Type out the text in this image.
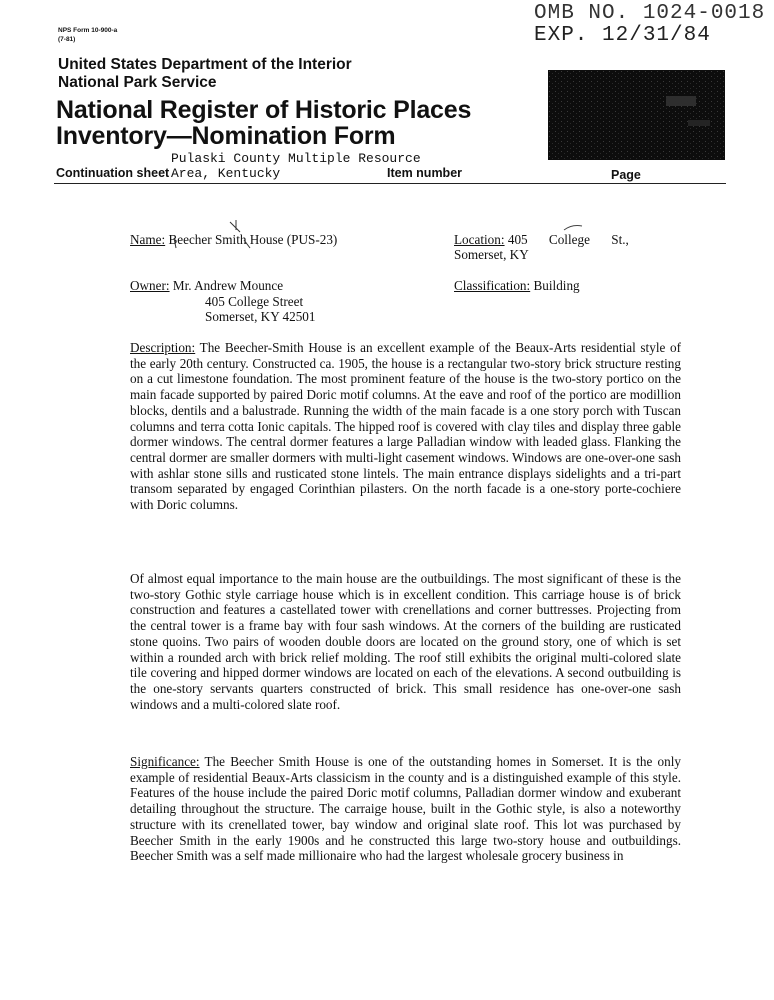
NPS Form 10-900-a
(7-81)
OMB NO. 1024-0018
EXP. 12/31/84
United States Department of the Interior
National Park Service
National Register of Historic Places
Inventory—Nomination Form
Pulaski County Multiple Resource
Continuation sheet Area, Kentucky	Item number	Page
Name: Beecher Smith House (PUS-23)	Location: 405 College St.,
Somerset, KY
Owner: Mr. Andrew Mounce
405 College Street
Somerset, KY 42501
Classification: Building
Description: The Beecher-Smith House is an excellent example of the Beaux-Arts residential style of the early 20th century. Constructed ca. 1905, the house is a rectangular two-story brick structure resting on a cut limestone foundation. The most prominent feature of the house is the two-story portico on the main facade supported by paired Doric motif columns. At the eave and roof of the portico are modillion blocks, dentils and a balustrade. Running the width of the main facade is a one story porch with Tuscan columns and terra cotta Ionic capitals. The hipped roof is covered with clay tiles and display three gable dormer windows. The central dormer features a large Palladian window with leaded glass. Flanking the central dormer are smaller dormers with multi-light casement windows. Windows are one-over-one sash with ashlar stone sills and rusticated stone lintels. The main entrance displays sidelights and a tri-part transom separated by engaged Corinthian pilasters. On the north facade is a one-story porte-cochiere with Doric columns.
Of almost equal importance to the main house are the outbuildings. The most significant of these is the two-story Gothic style carriage house which is in excellent condition. This carriage house is of brick construction and features a castellated tower with crenellations and corner buttresses. Projecting from the central tower is a frame bay with four sash windows. At the corners of the building are rusticated stone quoins. Two pairs of wooden double doors are located on the ground story, one of which is set within a rounded arch with brick relief molding. The roof still exhibits the original multi-colored slate tile covering and hipped dormer windows are located on each of the elevations. A second outbuilding is the one-story servants quarters constructed of brick. This small residence has one-over-one sash windows and a multi-colored slate roof.
Significance: The Beecher Smith House is one of the outstanding homes in Somerset. It is the only example of residential Beaux-Arts classicism in the county and is a distinguished example of this style. Features of the house include the paired Doric motif columns, Palladian dormer window and exuberant detailing throughout the structure. The carraige house, built in the Gothic style, is also a noteworthy structure with its crenellated tower, bay window and original slate roof. This lot was purchased by Beecher Smith in the early 1900s and he constructed this large two-story house and outbuildings. Beecher Smith was a self made millionaire who had the largest wholesale grocery business in
